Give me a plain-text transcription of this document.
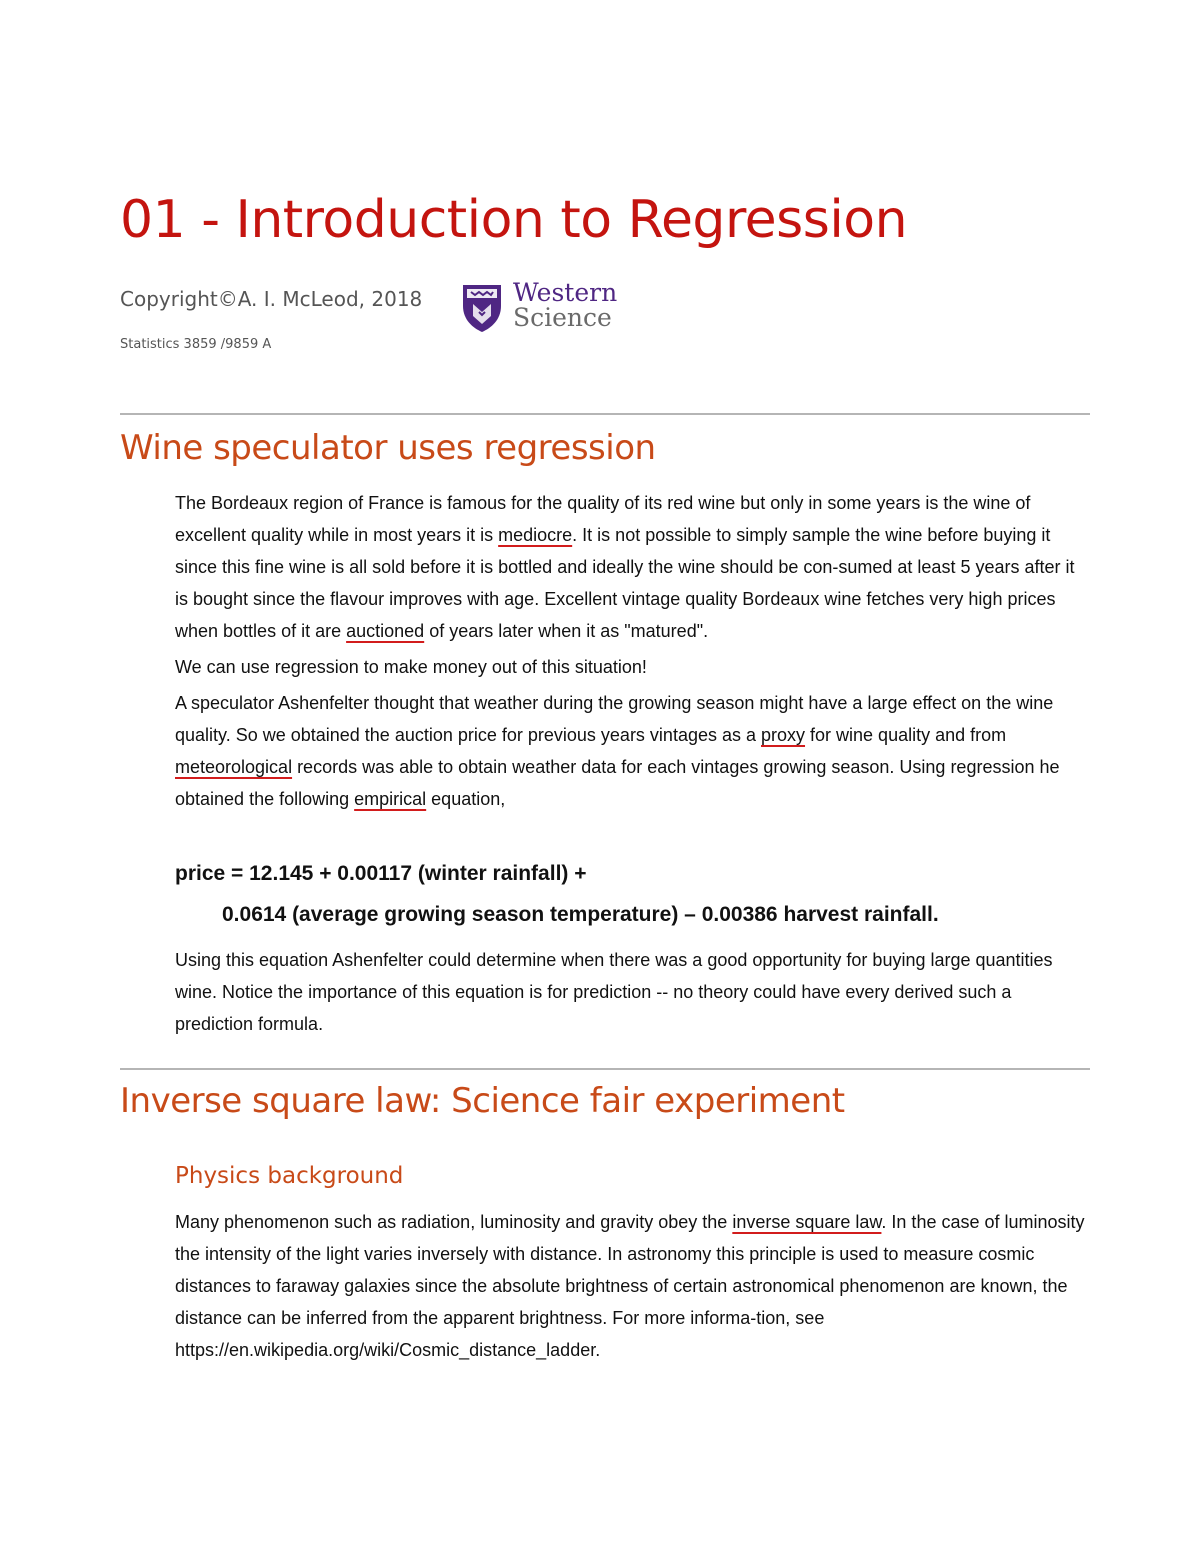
01 - Introduction to Regression
Copyright©A. I. McLeod, 2018	Western
Science
Statistics 3859 /9859 A
Wine speculator uses regression

The Bordeaux region of France is famous for the quality of its red wine but only in some years is the wine of excellent quality while in most years it is mediocre. It is not possible to simply sample the wine before buying it since this fine wine is all sold before it is bottled and ideally the wine should be con-sumed at least 5 years after it is bought since the flavour improves with age. Excellent vintage quality Bordeaux wine fetches very high prices when bottles of it are auctioned of years later when it as "matured".

We can use regression to make money out of this situation!

A speculator Ashenfelter thought that weather during the growing season might have a large effect on the wine quality. So we obtained the auction price for previous years vintages as a proxy for wine quality and from meteorological records was able to obtain weather data for each vintages growing season. Using regression he obtained the following empirical equation,

price = 12.145 + 0.00117 (winter rainfall) +
0.0614 (average growing season temperature) – 0.00386 harvest rainfall.

Using this equation Ashenfelter could determine when there was a good opportunity for buying large quantities wine. Notice the importance of this equation is for prediction -- no theory could have every derived such a prediction formula.

Inverse square law: Science fair experiment
Physics background

Many phenomenon such as radiation, luminosity and gravity obey the inverse square law. In the case of luminosity the intensity of the light varies inversely with distance. In astronomy this principle is used to measure cosmic distances to faraway galaxies since the absolute brightness of certain astronomical phenomenon are known, the distance can be inferred from the apparent brightness. For more informa-tion, see https://en.wikipedia.org/wiki/Cosmic_distance_ladder.
